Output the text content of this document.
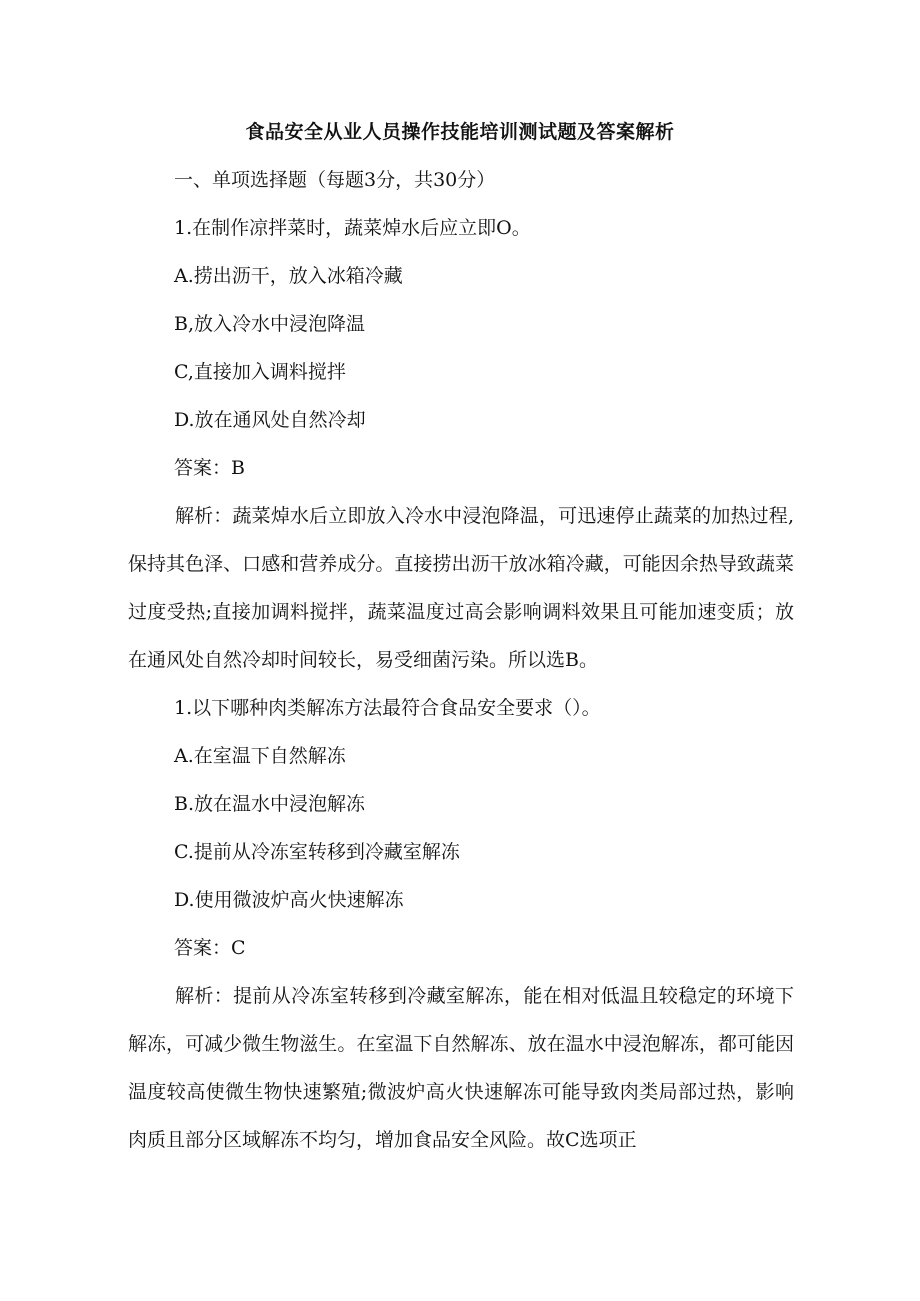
食品安全从业人员操作技能培训测试题及答案解析
一、单项选择题（每题3分，共30分）
1.在制作凉拌菜时，蔬菜焯水后应立即O。
A.捞出沥干，放入冰箱冷藏
B,放入冷水中浸泡降温
C,直接加入调料搅拌
D.放在通风处自然冷却
答案：B
解析：蔬菜焯水后立即放入冷水中浸泡降温，可迅速停止蔬菜的加热过程,保持其色泽、口感和营养成分。直接捞出沥干放冰箱冷藏，可能因余热导致蔬菜过度受热;直接加调料搅拌，蔬菜温度过高会影响调料效果且可能加速变质；放在通风处自然冷却时间较长，易受细菌污染。所以选B。
1.以下哪种肉类解冻方法最符合食品安全要求（）。
A.在室温下自然解冻
B.放在温水中浸泡解冻
C.提前从冷冻室转移到冷藏室解冻
D.使用微波炉高火快速解冻
答案：C
解析：提前从冷冻室转移到冷藏室解冻，能在相对低温且较稳定的环境下解冻，可减少微生物滋生。在室温下自然解冻、放在温水中浸泡解冻，都可能因温度较高使微生物快速繁殖;微波炉高火快速解冻可能导致肉类局部过热，影响肉质且部分区域解冻不均匀，增加食品安全风险。故C选项正
